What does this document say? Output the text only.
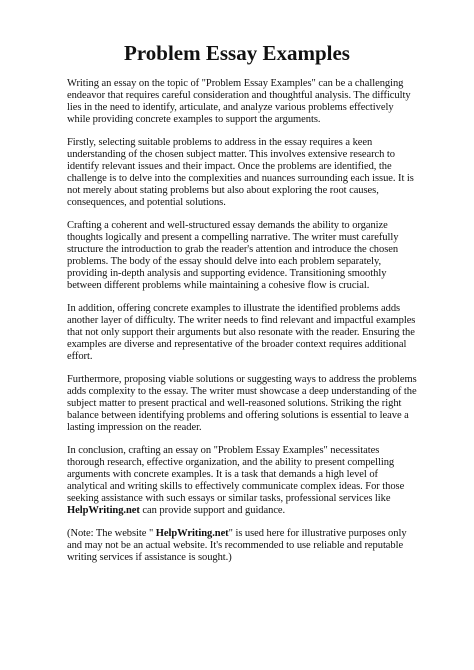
Problem Essay Examples

Writing an essay on the topic of "Problem Essay Examples" can be a challenging endeavor that requires careful consideration and thoughtful analysis. The difficulty lies in the need to identify, articulate, and analyze various problems effectively while providing concrete examples to support the arguments.

Firstly, selecting suitable problems to address in the essay requires a keen understanding of the chosen subject matter. This involves extensive research to identify relevant issues and their impact. Once the problems are identified, the challenge is to delve into the complexities and nuances surrounding each issue. It is not merely about stating problems but also about exploring the root causes, consequences, and potential solutions.

Crafting a coherent and well-structured essay demands the ability to organize thoughts logically and present a compelling narrative. The writer must carefully structure the introduction to grab the reader's attention and introduce the chosen problems. The body of the essay should delve into each problem separately, providing in-depth analysis and supporting evidence. Transitioning smoothly between different problems while maintaining a cohesive flow is crucial.

In addition, offering concrete examples to illustrate the identified problems adds another layer of difficulty. The writer needs to find relevant and impactful examples that not only support their arguments but also resonate with the reader. Ensuring the examples are diverse and representative of the broader context requires additional effort.

Furthermore, proposing viable solutions or suggesting ways to address the problems adds complexity to the essay. The writer must showcase a deep understanding of the subject matter to present practical and well-reasoned solutions. Striking the right balance between identifying problems and offering solutions is essential to leave a lasting impression on the reader.

In conclusion, crafting an essay on "Problem Essay Examples" necessitates thorough research, effective organization, and the ability to present compelling arguments with concrete examples. It is a task that demands a high level of analytical and writing skills to effectively communicate complex ideas. For those seeking assistance with such essays or similar tasks, professional services like HelpWriting.net can provide support and guidance.

(Note: The website " HelpWriting.net" is used here for illustrative purposes only and may not be an actual website. It's recommended to use reliable and reputable writing services if assistance is sought.)
